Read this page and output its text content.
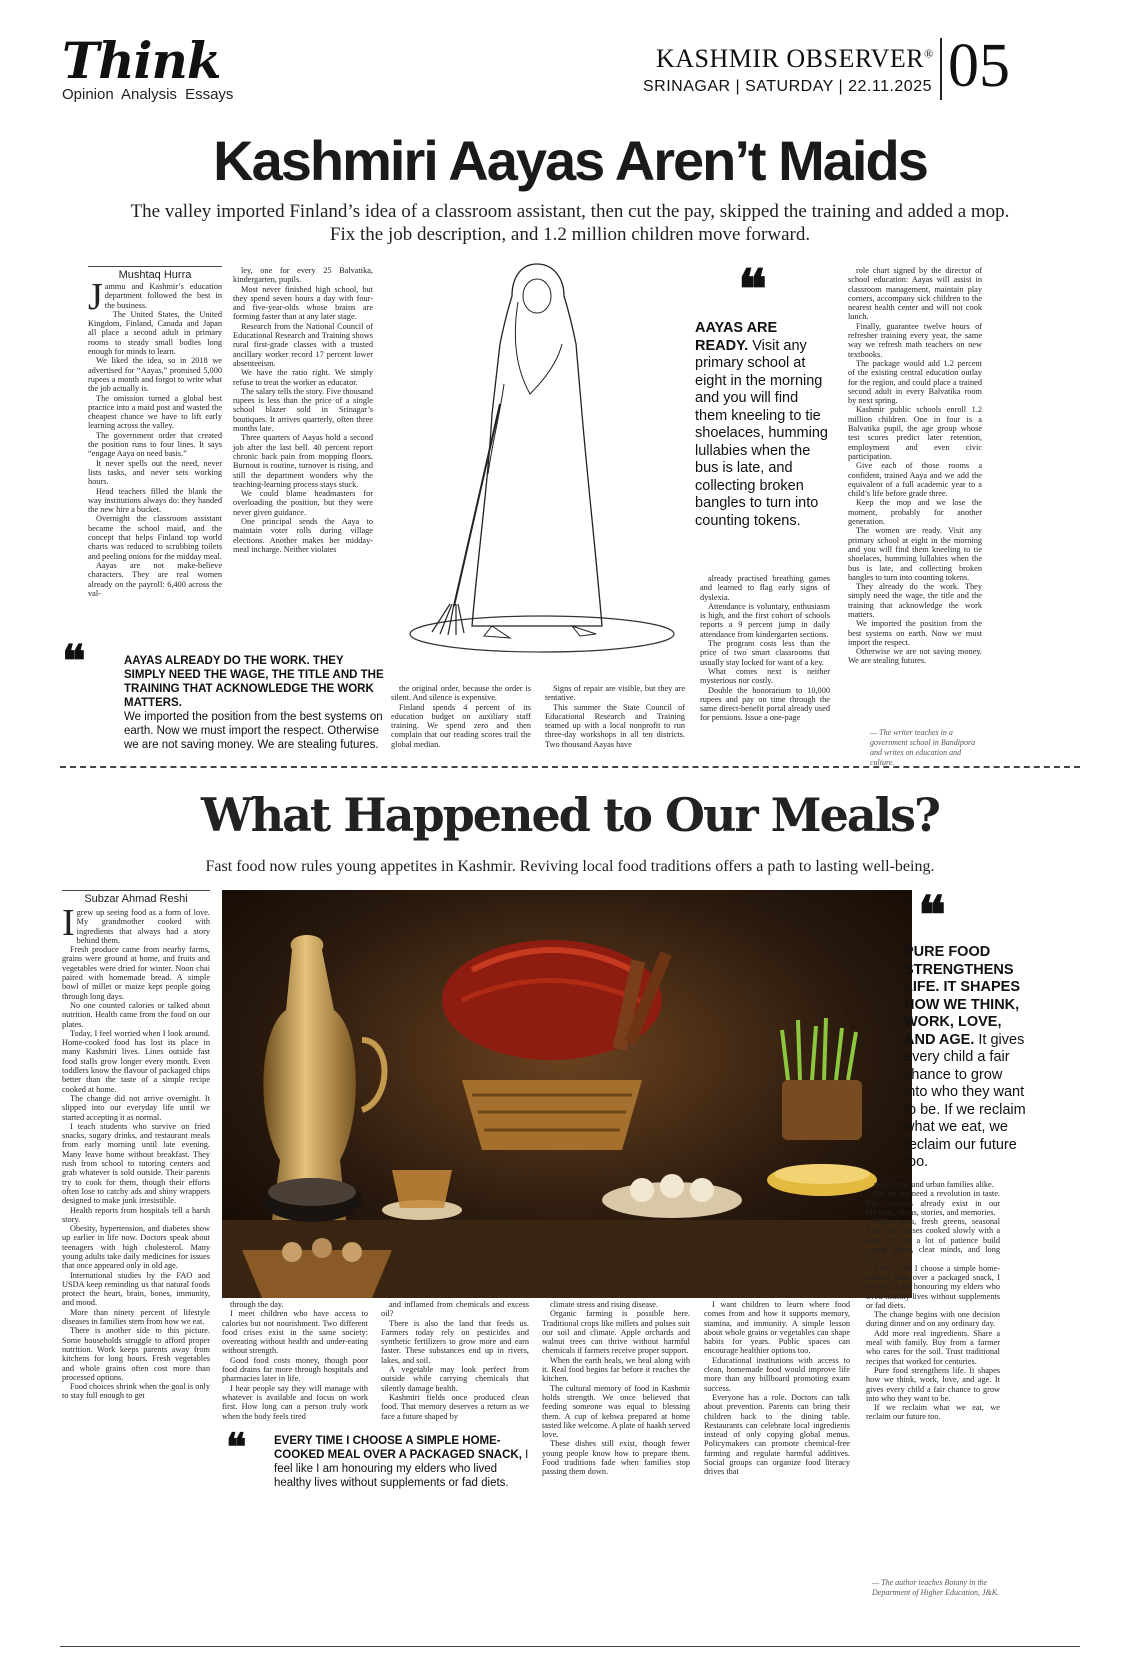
Think
Opinion Analysis Essays
KASHMIR OBSERVER®
SRINAGAR | SATURDAY | 22.11.2025 05
Kashmiri Aayas Aren’t Maids
The valley imported Finland’s idea of a classroom assistant, then cut the pay, skipped the training and added a mop. Fix the job description, and 1.2 million children move forward.
Mushtaq Hurra
J ammu and Kashmir’s education department followed the best in the business.

The United States, the United Kingdom, Finland, Canada and Japan all place a second adult in primary rooms to steady small bodies long enough for minds to learn.

We liked the idea, so in 2018 we advertised for “Aayas,” promised 5,000 rupees a month and forgot to write what the job actually is.

The omission turned a global best practice into a maid post and wasted the cheapest chance we have to lift early learning across the valley.

The government order that created the position runs to four lines. It says “engage Aaya on need basis.”

It never spells out the need, never lists tasks, and never sets working hours.

Head teachers filled the blank the way institutions always do: they handed the new hire a bucket.

Overnight the classroom assistant became the school maid, and the concept that helps Finland top world charts was reduced to scrubbing toilets and peeling onions for the midday meal.

Aayas are not make-believe characters. They are real women already on the payroll: 6,400 across the val-

ley, one for every 25 Balvatika, kindergarten, pupils.

Most never finished high school, but they spend seven hours a day with four- and five-year-olds whose brains are forming faster than at any later stage.

Research from the National Council of Educational Research and Training shows rural first-grade classes with a trusted ancillary worker record 17 percent lower absenteeism.

We have the ratio right. We simply refuse to treat the worker as educator.

The salary tells the story. Five thousand rupees is less than the price of a single school blazer sold in Srinagar’s boutiques. It arrives quarterly, often three months late.

Three quarters of Aayas hold a second job after the last bell. 40 percent report chronic back pain from mopping floors. Burnout is routine, turnover is rising, and still the department wonders why the teaching-learning process stays stuck.

We could blame headmasters for overloading the position, but they were never given guidance.

One principal sends the Aaya to maintain voter rolls during village elections. Another makes her midday-meal incharge. Neither violates

❝
AAYAS ARE READY. Visit any primary school at eight in the morning and you will find them kneeling to tie shoelaces, humming lullabies when the bus is late, and collecting broken bangles to turn into counting tokens.

already practised breathing games and learned to flag early signs of dyslexia.

Attendance is voluntary, enthusiasm is high, and the first cohort of schools reports a 9 percent jump in daily attendance from kindergarten sections.

The program costs less than the price of two smart classrooms that usually stay locked for want of a key.

What comes next is neither mysterious nor costly.

Double the honorarium to 10,000 rupees and pay on time through the same direct-benefit portal already used for pensions. Issue a one-page

role chart signed by the director of school education: Aayas will assist in classroom management, maintain play corners, accompany sick children to the nearest health center and will not cook lunch.

Finally, guarantee twelve hours of refresher training every year, the same way we refresh math teachers on new textbooks.

The package would add 1.2 percent of the existing central education outlay for the region, and could place a trained second adult in every Balvatika room by next spring.

Kashmir public schools enroll 1.2 million children. One in four is a Balvatika pupil, the age group whose test scores predict later retention, employment and even civic participation.

Give each of those rooms a confident, trained Aaya and we add the equivalent of a full academic year to a child’s life before grade three.

Keep the mop and we lose the moment, probably for another generation.

The women are ready. Visit any primary school at eight in the morning and you will find them kneeling to tie shoelaces, humming lullabies when the bus is late, and collecting broken bangles to turn into counting tokens.

They already do the work. They simply need the wage, the title and the training that acknowledge the work matters.

We imported the position from the best systems on earth. Now we must import the respect.

Otherwise we are not saving money. We are stealing futures.

— The writer teaches in a government school in Bandipora and writes on education and culture.
❝	AAYAS ALREADY DO THE WORK. THEY SIMPLY NEED THE WAGE, THE TITLE AND THE TRAINING THAT ACKNOWLEDGE THE WORK MATTERS.
We imported the position from the best systems on earth. Now we must import the respect. Otherwise we are not saving money. We are stealing futures.

the original order, because the order is silent. And silence is expensive.

Finland spends 4 percent of its education budget on auxiliary staff training. We spend zero and then complain that our reading scores trail the global median.

Signs of repair are visible, but they are tentative.

This summer the State Council of Educational Research and Training teamed up with a local nonprofit to run three-day workshops in all ten districts. Two thousand Aayas have

What Happened to Our Meals?
Fast food now rules young appetites in Kashmir. Reviving local food traditions offers a path to lasting well-being.
Subzar Ahmad Reshi
I grew up seeing food as a form of love. My grandmother cooked with ingredients that always had a story behind them.

Fresh produce came from nearby farms, grains were ground at home, and fruits and vegetables were dried for winter. Noon chai paired with homemade bread. A simple bowl of millet or maize kept people going through long days.

No one counted calories or talked about nutrition. Health came from the food on our plates.

Today, I feel worried when I look around. Home-cooked food has lost its place in many Kashmiri lives. Lines outside fast food stalls grow longer every month. Even toddlers know the flavour of packaged chips better than the taste of a simple recipe cooked at home.

The change did not arrive overnight. It slipped into our everyday life until we started accepting it as normal.

I teach students who survive on fried snacks, sugary drinks, and restaurant meals from early morning until late evening. Many leave home without breakfast. They rush from school to tutoring centers and grab whatever is sold outside. Their parents try to cook for them, though their efforts often lose to catchy ads and shiny wrappers designed to make junk irresistible.

Health reports from hospitals tell a harsh story.

Obesity, hypertension, and diabetes show up earlier in life now. Doctors speak about teenagers with high cholesterol. Many young adults take daily medicines for issues that once appeared only in old age.

International studies by the FAO and USDA keep reminding us that natural foods protect the heart, brain, bones, immunity, and mood.

More than ninety percent of lifestyle diseases in families stem from how we eat.

There is another side to this picture. Some households struggle to afford proper nutrition. Work keeps parents away from kitchens for long hours. Fresh vegetables and whole grains often cost more than processed options.

Food choices shrink when the goal is only to stay full enough to get

❝
PURE FOOD STRENGTHENS LIFE. IT SHAPES HOW WE THINK, WORK, LOVE, AND AGE. It gives every child a fair chance to grow into who they want to be. If we reclaim what we eat, we reclaim our future too.

through the day.

I meet children who have access to calories but not nourishment. Two different food crises exist in the same society: overeating without health and under-eating without strength.

Good food costs money, though poor food drains far more through hospitals and pharmacies later in life.

I hear people say they will manage with whatever is available and focus on work first. How long can a person truly work when the body feels tired

and inflamed from chemicals and excess oil?

There is also the land that feeds us. Farmers today rely on pesticides and synthetic fertilizers to grow more and earn faster. These substances end up in rivers, lakes, and soil.

A vegetable may look perfect from outside while carrying chemicals that silently damage health.

Kashmiri fields once produced clean food. That memory deserves a return as we face a future shaped by

climate stress and rising disease.

Organic farming is possible here. Traditional crops like millets and pulses suit our soil and climate. Apple orchards and walnut trees can thrive without harmful chemicals if farmers receive proper support.

When the earth heals, we heal along with it. Real food begins far before it reaches the kitchen.

The cultural memory of food in Kashmir holds strength. We once believed that feeding someone was equal to blessing them. A cup of kehwa prepared at home tasted like welcome. A plate of haakh served love.

These dishes still exist, though fewer young people know how to prepare them. Food traditions fade when families stop passing them down.

I want children to learn where food comes from and how it supports memory, stamina, and immunity. A simple lesson about whole grains or vegetables can shape habits for years. Public spaces can encourage healthier options too.

Educational institutions with access to clean, homemade food would improve life more than any billboard promoting exam success.

Everyone has a role. Doctors can talk about prevention. Parents can bring their children back to the dining table. Restaurants can celebrate local ingredients instead of only copying global menus. Policymakers can promote chemical-free farming and regulate harmful additives. Social groups can organize food literacy drives that

reach rural and urban families alike.

We do not need a revolution in taste. The answers already exist in our kitchens, farms, stories, and memories.

Millet rotis, fresh greens, seasonal fruits and pulses cooked slowly with a little oil and a lot of patience build strong bones, clear minds, and long lives.

Every time I choose a simple home-cooked meal over a packaged snack, I feel like I am honouring my elders who lived healthy lives without supplements or fad diets.

The change begins with one decision during dinner and on any ordinary day.

Add more real ingredients. Share a meal with family. Buy from a farmer who cares for the soil. Trust traditional recipes that worked for centuries.

Pure food strengthens life. It shapes how we think, work, love, and age. It gives every child a fair chance to grow into who they want to be.

If we reclaim what we eat, we reclaim our future too.

— The author teaches Botany in the Department of Higher Education, J&K.
❝ EVERY TIME I CHOOSE A SIMPLE HOME-COOKED MEAL OVER A PACKAGED SNACK, I feel like I am honouring my elders who lived healthy lives without supplements or fad diets.
